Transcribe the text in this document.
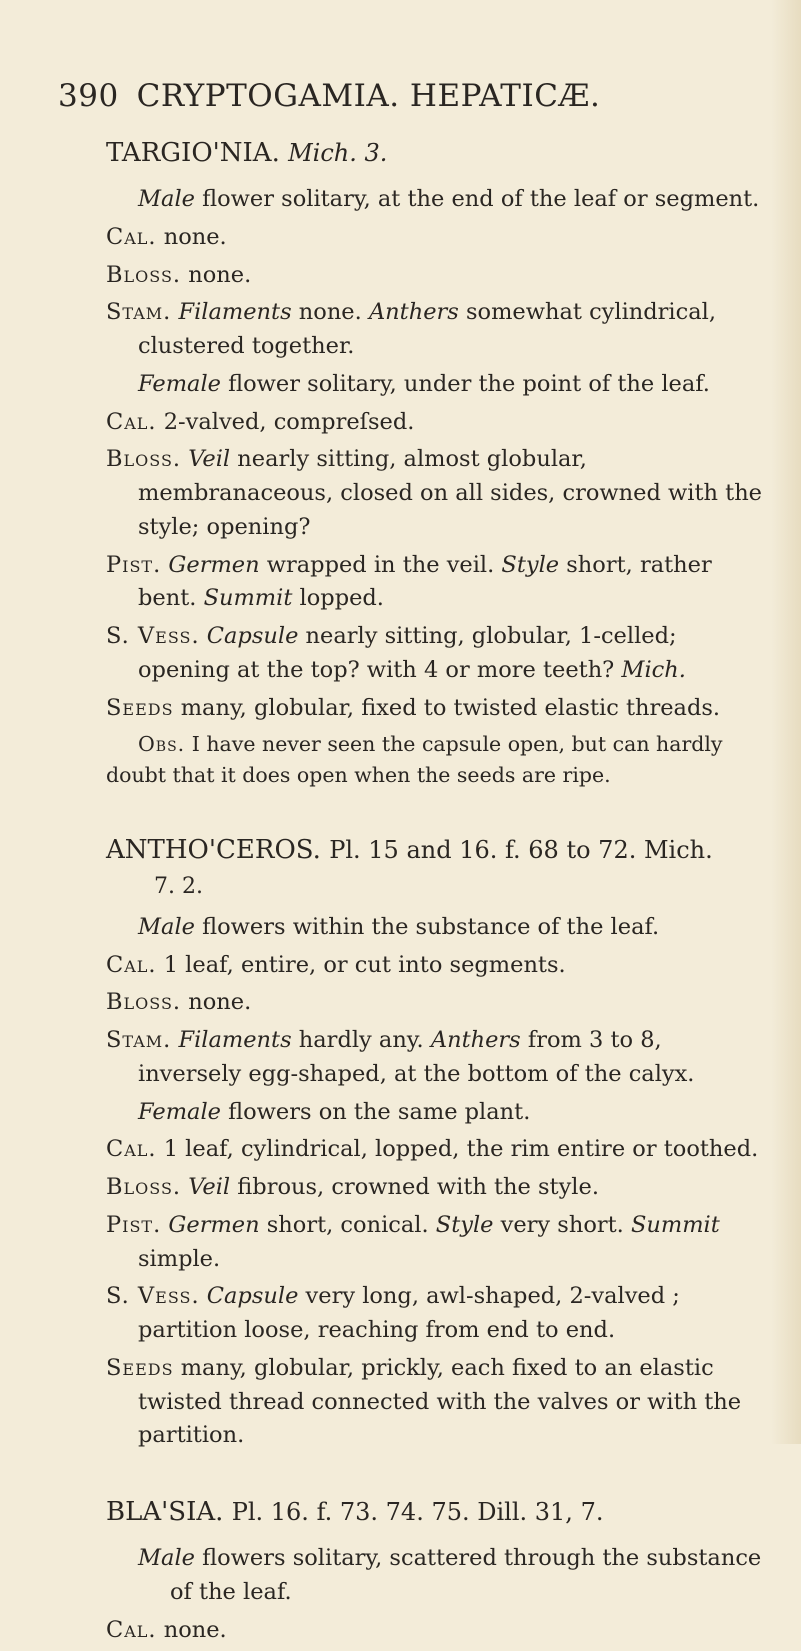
390 CRYPTOGAMIA. HEPATICÆ.

TARGIO'NIA. Mich. 3.

Male flower solitary, at the end of the leaf or segment.

Cal. none.

Bloss. none.

Stam. Filaments none. Anthers somewhat cylindrical, clustered together.

Female flower solitary, under the point of the leaf.

Cal. 2-valved, compreſsed.

Bloss. Veil nearly sitting, almost globular, membranaceous, closed on all sides, crowned with the style; opening?

Pist. Germen wrapped in the veil. Style short, rather bent. Summit lopped.

S. Vess. Capsule nearly sitting, globular, 1-celled; opening at the top? with 4 or more teeth? Mich.

Seeds many, globular, fixed to twisted elastic threads.

Obs. I have never seen the capsule open, but can hardly doubt that it does open when the seeds are ripe.

ANTHO'CEROS. Pl. 15 and 16. f. 68 to 72. Mich.

7. 2.

Male flowers within the substance of the leaf.

Cal. 1 leaf, entire, or cut into segments.

Bloss. none.

Stam. Filaments hardly any. Anthers from 3 to 8, inversely egg-shaped, at the bottom of the calyx.

Female flowers on the same plant.

Cal. 1 leaf, cylindrical, lopped, the rim entire or toothed.

Bloss. Veil fibrous, crowned with the style.

Pist. Germen short, conical. Style very short. Summit simple.

S. Vess. Capsule very long, awl-shaped, 2-valved ; partition loose, reaching from end to end.

Seeds many, globular, prickly, each fixed to an elastic twisted thread connected with the valves or with the partition.

BLA'SIA. Pl. 16. f. 73. 74. 75. Dill. 31, 7.

Male flowers solitary, scattered through the substance of the leaf.

Cal. none.
